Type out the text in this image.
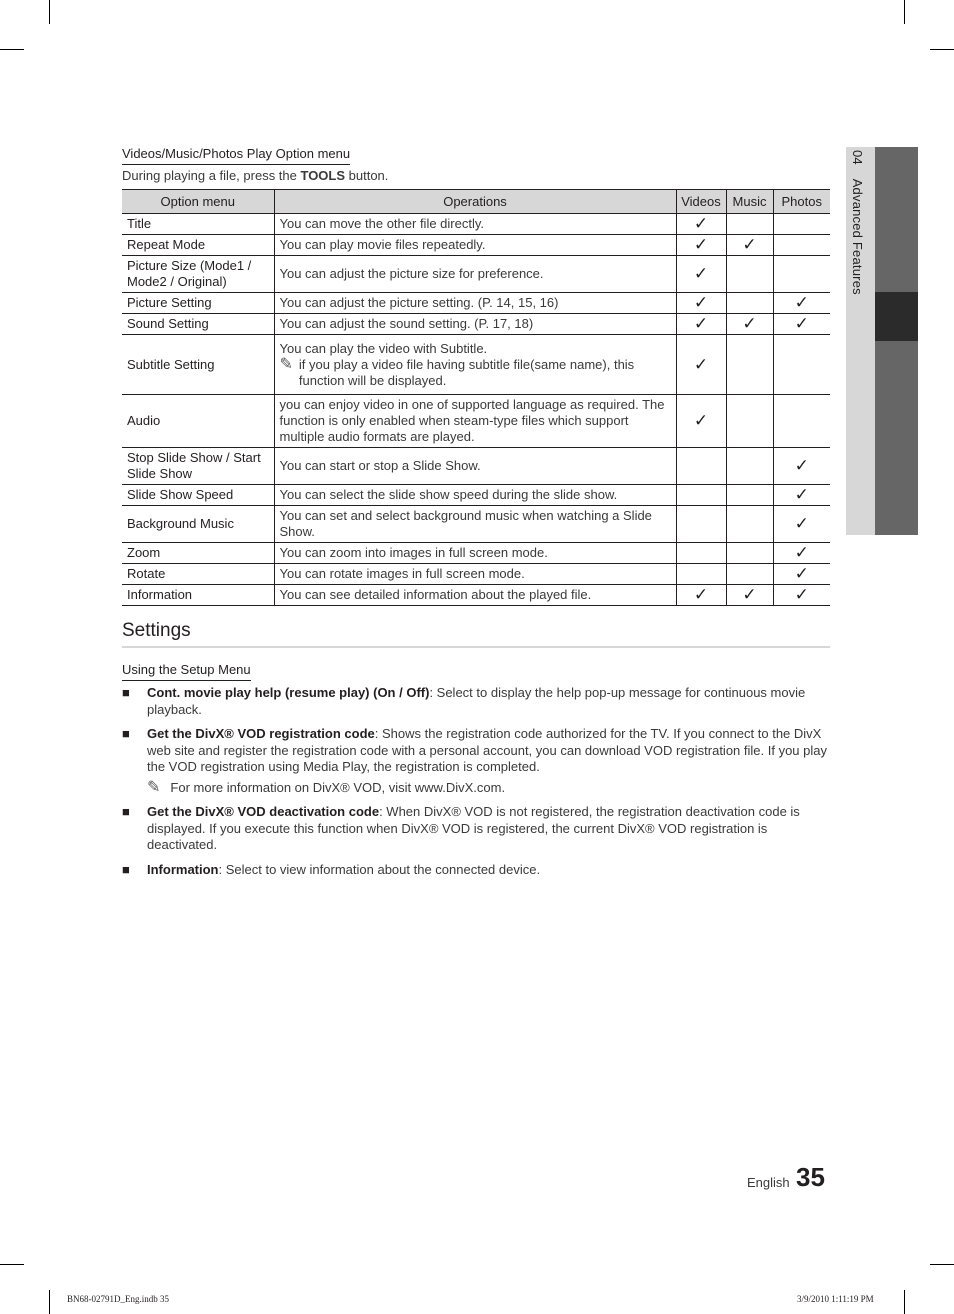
04 Advanced Features
Videos/Music/Photos Play Option menu
During playing a file, press the TOOLS button.
Option menu	Operations	Videos	Music	Photos
Title	You can move the other file directly.	✓		
Repeat Mode	You can play movie files repeatedly.	✓	✓	
Picture Size (Mode1 / Mode2 / Original)	You can adjust the picture size for preference.	✓		
Picture Setting	You can adjust the picture setting. (P. 14, 15, 16)	✓		✓
Sound Setting	You can adjust the sound setting. (P. 17, 18)	✓	✓	✓
Subtitle Setting	You can play the video with Subtitle.
✎ if you play a video file having subtitle file(same name), this function will be displayed.	✓		
Audio	you can enjoy video in one of supported language as required. The function is only enabled when steam-type files which support multiple audio formats are played.	✓		
Stop Slide Show / Start Slide Show	You can start or stop a Slide Show.			✓
Slide Show Speed	You can select the slide show speed during the slide show.			✓
Background Music	You can set and select background music when watching a Slide Show.			✓
Zoom	You can zoom into images in full screen mode.			✓
Rotate	You can rotate images in full screen mode.			✓
Information	You can see detailed information about the played file.	✓	✓	✓
Settings
Using the Setup Menu
■	Cont. movie play help (resume play) (On / Off): Select to display the help pop-up message for continuous movie playback.
■	Get the DivX® VOD registration code: Shows the registration code authorized for the TV. If you connect to the DivX web site and register the registration code with a personal account, you can download VOD registration file. If you play the VOD registration using Media Play, the registration is completed.
✎ For more information on DivX® VOD, visit www.DivX.com.
■	Get the DivX® VOD deactivation code: When DivX® VOD is not registered, the registration deactivation code is displayed. If you execute this function when DivX® VOD is registered, the current DivX® VOD registration is deactivated.
■	Information: Select to view information about the connected device.
English 35
BN68-02791D_Eng.indb 35	3/9/2010 1:11:19 PM
